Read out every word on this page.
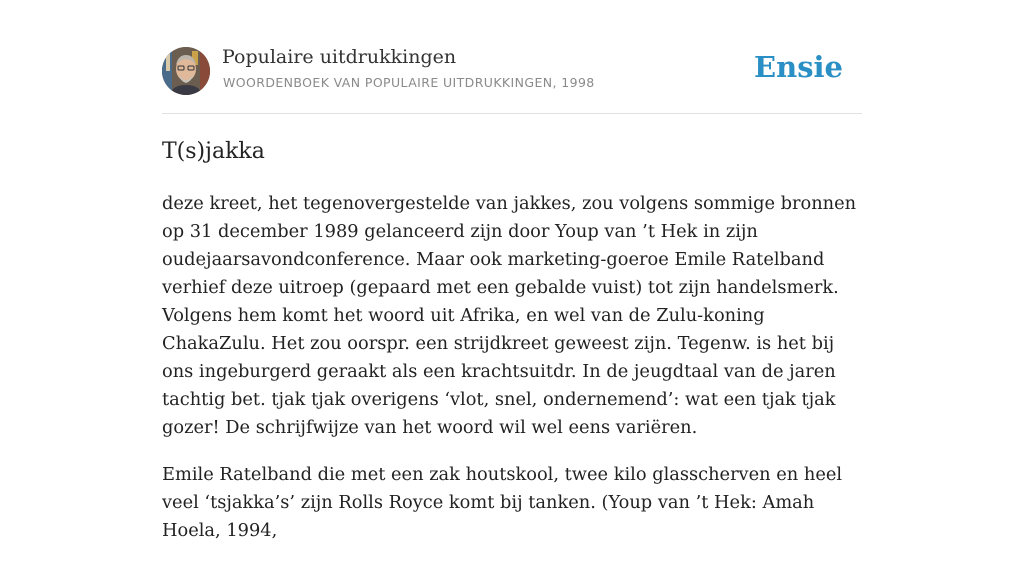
Populaire uitdrukkingen
WOORDENBOEK VAN POPULAIRE UITDRUKKINGEN, 1998	Ensie
T(s)jakka

deze kreet, het tegenovergestelde van jakkes, zou volgens sommige bronnen op 31 december 1989 gelanceerd zijn door Youp van ’t Hek in zijn oudejaarsavondconference. Maar ook marketing-goeroe Emile Ratelband verhief deze uitroep (gepaard met een gebalde vuist) tot zijn handelsmerk. Volgens hem komt het woord uit Afrika, en wel van de Zulu-koning ChakaZulu. Het zou oorspr. een strijdkreet geweest zijn. Tegenw. is het bij ons ingeburgerd geraakt als een krachtsuitdr. In de jeugdtaal van de jaren tachtig bet. tjak tjak overigens ‘vlot, snel, ondernemend’: wat een tjak tjak gozer! De schrijfwijze van het woord wil wel eens variëren.

Emile Ratelband die met een zak houtskool, twee kilo glasscherven en heel veel ‘tsjakka’s’ zijn Rolls Royce komt bij tanken. (Youp van ’t Hek: Amah Hoela, 1994,
